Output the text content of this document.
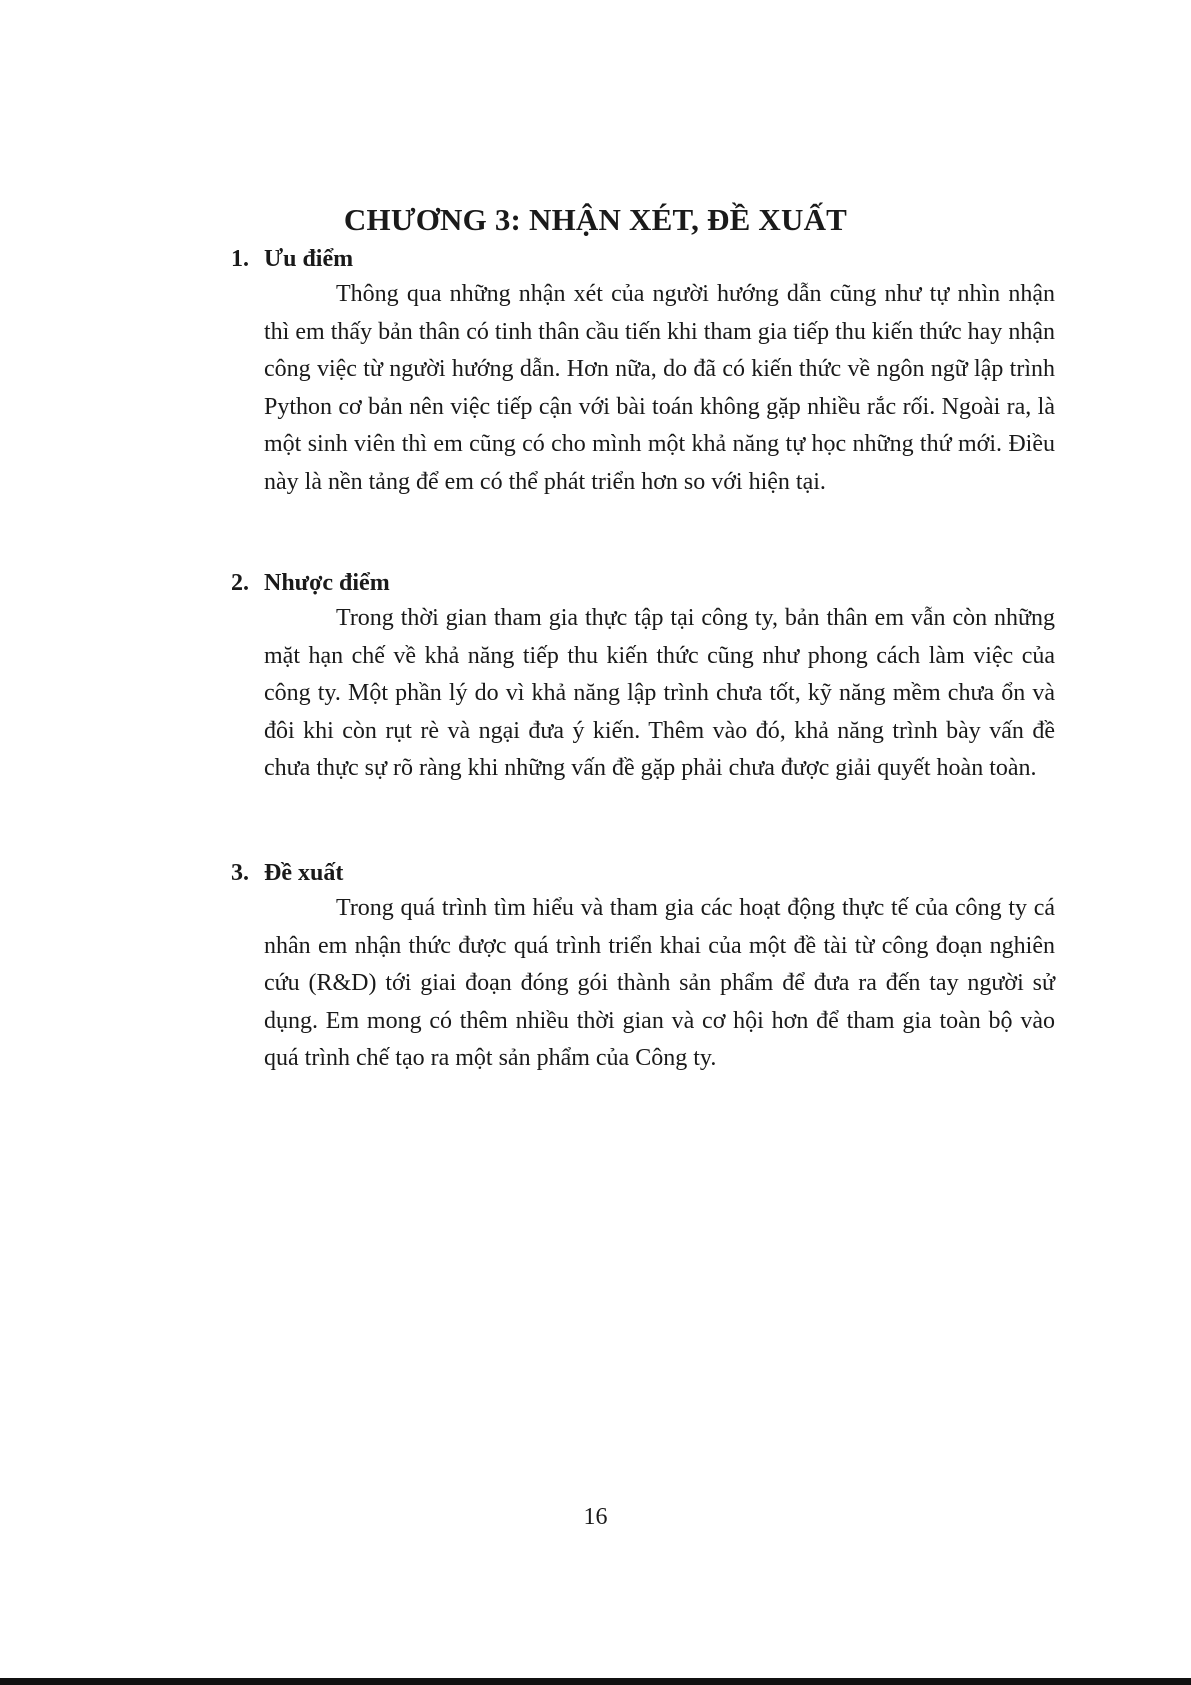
CHƯƠNG 3: NHẬN XÉT, ĐỀ XUẤT
1. Ưu điểm

Thông qua những nhận xét của người hướng dẫn cũng như tự nhìn nhận thì em thấy bản thân có tinh thân cầu tiến khi tham gia tiếp thu kiến thức hay nhận công việc từ người hướng dẫn. Hơn nữa, do đã có kiến thức về ngôn ngữ lập trình Python cơ bản nên việc tiếp cận với bài toán không gặp nhiều rắc rối. Ngoài ra, là một sinh viên thì em cũng có cho mình một khả năng tự học những thứ mới. Điều này là nền tảng để em có thể phát triển hơn so với hiện tại.

2. Nhược điểm

Trong thời gian tham gia thực tập tại công ty, bản thân em vẫn còn những mặt hạn chế về khả năng tiếp thu kiến thức cũng như phong cách làm việc của công ty. Một phần lý do vì khả năng lập trình chưa tốt, kỹ năng mềm chưa ổn và đôi khi còn rụt rè và ngại đưa ý kiến. Thêm vào đó, khả năng trình bày vấn đề chưa thực sự rõ ràng khi những vấn đề gặp phải chưa được giải quyết hoàn toàn.

3. Đề xuất

Trong quá trình tìm hiểu và tham gia các hoạt động thực tế của công ty cá nhân em nhận thức được quá trình triển khai của một đề tài từ công đoạn nghiên cứu (R&D) tới giai đoạn đóng gói thành sản phẩm để đưa ra đến tay người sử dụng. Em mong có thêm nhiều thời gian và cơ hội hơn để tham gia toàn bộ vào quá trình chế tạo ra một sản phẩm của Công ty.

16
